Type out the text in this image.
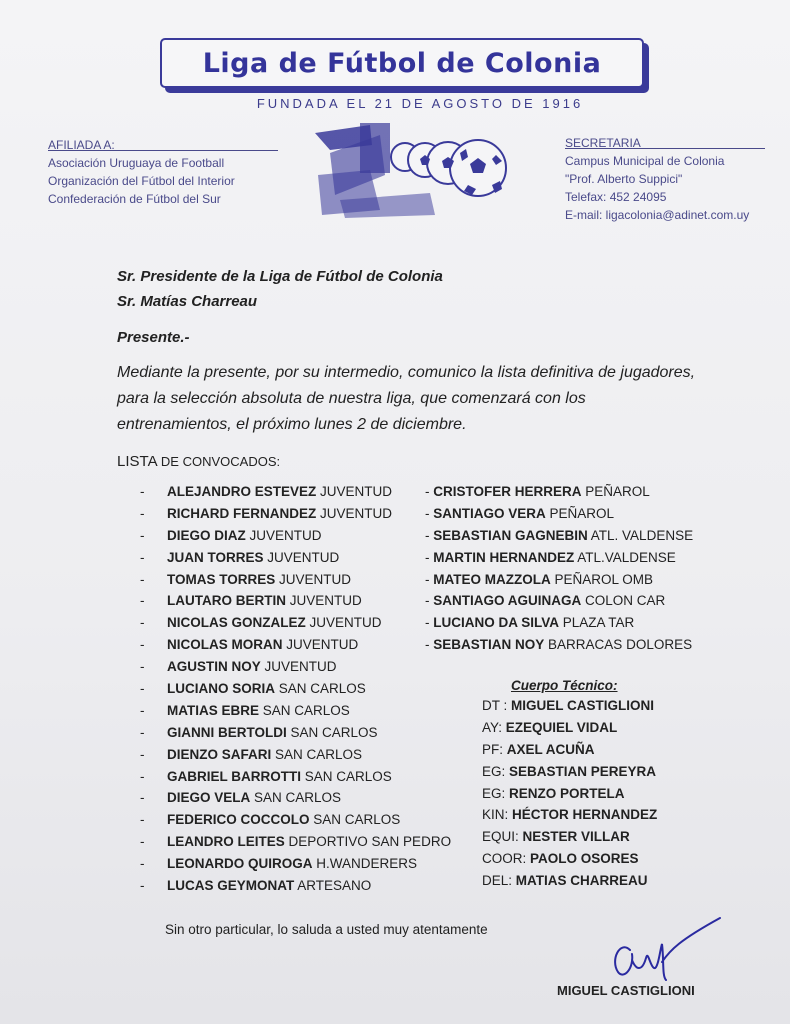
Liga de Fútbol de Colonia
FUNDADA EL 21 DE AGOSTO DE 1916
AFILIADA A:
Asociación Uruguaya de Football
Organización del Fútbol del Interior
Confederación de Fútbol del Sur
SECRETARIA
Campus Municipal de Colonia
"Prof. Alberto Suppici"
Telefax: 452 24095
E-mail: ligacolonia@adinet.com.uy
Sr. Presidente de la Liga de Fútbol de Colonia
Sr. Matías Charreau
Presente.-
Mediante la presente, por su intermedio, comunico la lista definitiva de jugadores, para la selección absoluta de nuestra liga, que comenzará con los entrenamientos, el próximo lunes 2 de diciembre.
LISTA DE CONVOCADOS:
- ALEJANDRO ESTEVEZ JUVENTUD
- RICHARD FERNANDEZ JUVENTUD
- DIEGO DIAZ JUVENTUD
- JUAN TORRES JUVENTUD
- TOMAS TORRES JUVENTUD
- LAUTARO BERTIN JUVENTUD
- NICOLAS GONZALEZ JUVENTUD
- NICOLAS MORAN JUVENTUD
- AGUSTIN NOY JUVENTUD
- LUCIANO SORIA SAN CARLOS
- MATIAS EBRE SAN CARLOS
- GIANNI BERTOLDI SAN CARLOS
- DIENZO SAFARI SAN CARLOS
- GABRIEL BARROTTI SAN CARLOS
- DIEGO VELA SAN CARLOS
- FEDERICO COCCOLO SAN CARLOS
- LEANDRO LEITES DEPORTIVO SAN PEDRO
- LEONARDO QUIROGA H.WANDERERS
- LUCAS GEYMONAT ARTESANO
- CRISTOFER HERRERA PEÑAROL
- SANTIAGO VERA PEÑAROL
- SEBASTIAN GAGNEBIN ATL. VALDENSE
- MARTIN HERNANDEZ ATL.VALDENSE
- MATEO MAZZOLA PEÑAROL OMB
- SANTIAGO AGUINAGA COLON CAR
- LUCIANO DA SILVA PLAZA TAR
- SEBASTIAN NOY BARRACAS DOLORES
Cuerpo Técnico:
DT : MIGUEL CASTIGLIONI
AY: EZEQUIEL VIDAL
PF: AXEL ACUÑA
EG: SEBASTIAN PEREYRA
EG: RENZO PORTELA
KIN: HÉCTOR HERNANDEZ
EQUI: NESTER VILLAR
COOR: PAOLO OSORES
DEL: MATIAS CHARREAU
Sin otro particular, lo saluda a usted muy atentamente
MIGUEL CASTIGLIONI
